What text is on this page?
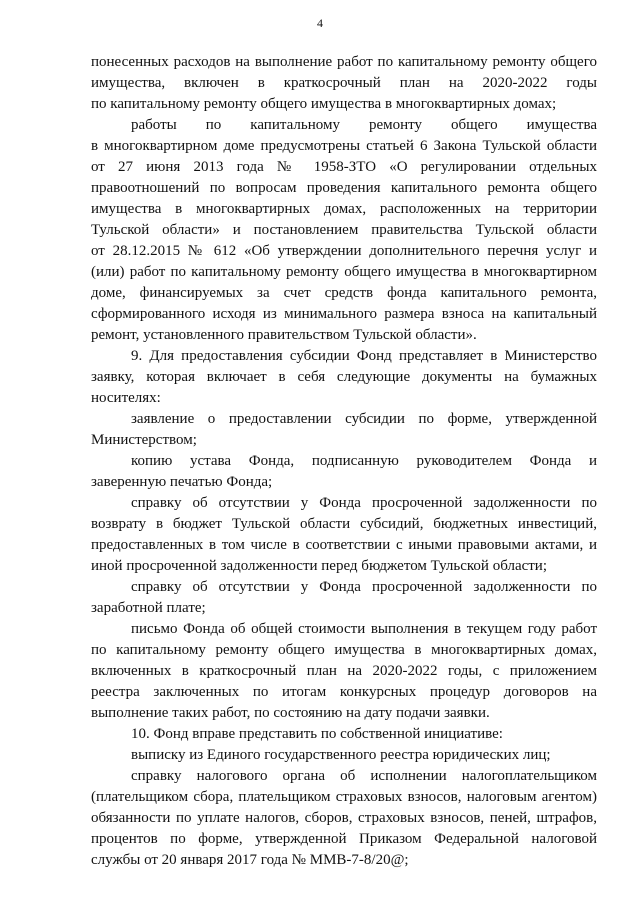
4
понесенных расходов на выполнение работ по капитальному ремонту общего
имущества, включен в краткосрочный план на 2020-2022 годы
по капитальному ремонту общего имущества в многоквартирных домах;
работы по капитальному ремонту общего имущества
в многоквартирном доме предусмотрены статьей 6 Закона Тульской области
от 27 июня 2013 года № 1958-ЗТО «О регулировании отдельных
правоотношений по вопросам проведения капитального ремонта общего
имущества в многоквартирных домах, расположенных на территории
Тульской области» и постановлением правительства Тульской области
от 28.12.2015 № 612 «Об утверждении дополнительного перечня услуг и
(или) работ по капитальному ремонту общего имущества в многоквартирном
доме, финансируемых за счет средств фонда капитального ремонта,
сформированного исходя из минимального размера взноса на капитальный
ремонт, установленного правительством Тульской области».
9. Для предоставления субсидии Фонд представляет в Министерство
заявку, которая включает в себя следующие документы на бумажных
носителях:
заявление о предоставлении субсидии по форме, утвержденной
Министерством;
копию устава Фонда, подписанную руководителем Фонда и
заверенную печатью Фонда;
справку об отсутствии у Фонда просроченной задолженности по
возврату в бюджет Тульской области субсидий, бюджетных инвестиций,
предоставленных в том числе в соответствии с иными правовыми актами, и
иной просроченной задолженности перед бюджетом Тульской области;
справку об отсутствии у Фонда просроченной задолженности по
заработной плате;
письмо Фонда об общей стоимости выполнения в текущем году работ
по капитальному ремонту общего имущества в многоквартирных домах,
включенных в краткосрочный план на 2020-2022 годы, с приложением
реестра заключенных по итогам конкурсных процедур договоров на
выполнение таких работ, по состоянию на дату подачи заявки.
10. Фонд вправе представить по собственной инициативе:
выписку из Единого государственного реестра юридических лиц;
справку налогового органа об исполнении налогоплательщиком
(плательщиком сбора, плательщиком страховых взносов, налоговым агентом)
обязанности по уплате налогов, сборов, страховых взносов, пеней, штрафов,
процентов по форме, утвержденной Приказом Федеральной налоговой
службы от 20 января 2017 года № ММВ-7-8/20@;
